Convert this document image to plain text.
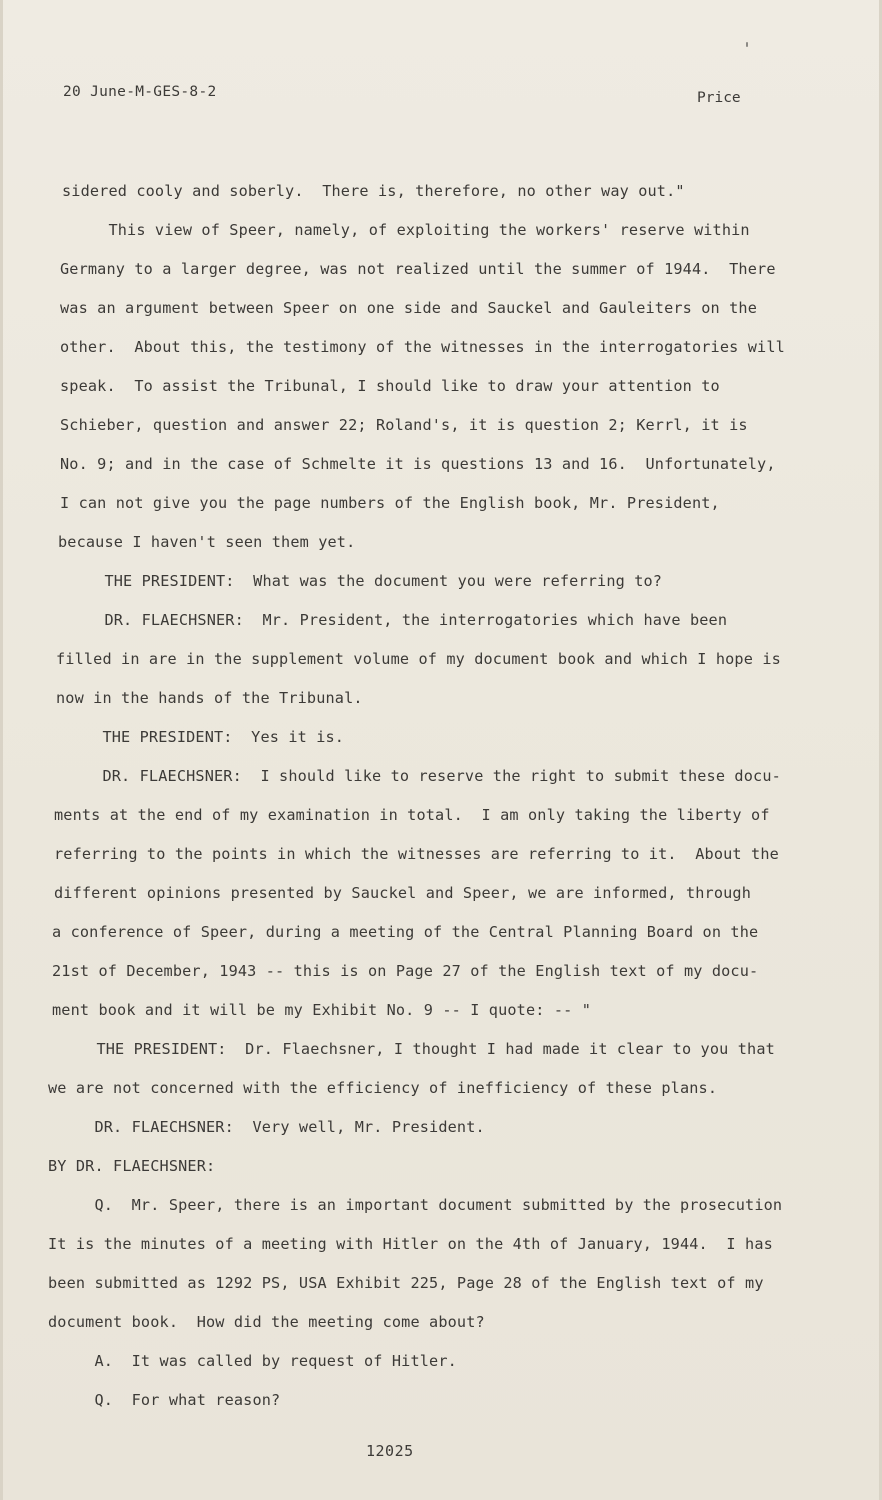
20 June-M-GES-8-2	Price
sidered cooly and soberly.  There is, therefore, no other way out."
This view of Speer, namely, of exploiting the workers' reserve within
Germany to a larger degree, was not realized until the summer of 1944.  There
was an argument between Speer on one side and Sauckel and Gauleiters on the
other.  About this, the testimony of the witnesses in the interrogatories will
speak.  To assist the Tribunal, I should like to draw your attention to
Schieber, question and answer 22; Roland's, it is question 2; Kerrl, it is
No. 9; and in the case of Schmelte it is questions 13 and 16.  Unfortunately,
I can not give you the page numbers of the English book, Mr. President,
because I haven't seen them yet.
THE PRESIDENT:  What was the document you were referring to?
DR. FLAECHSNER:  Mr. President, the interrogatories which have been
filled in are in the supplement volume of my document book and which I hope is
now in the hands of the Tribunal.
THE PRESIDENT:  Yes it is.
DR. FLAECHSNER:  I should like to reserve the right to submit these docu-
ments at the end of my examination in total.  I am only taking the liberty of
referring to the points in which the witnesses are referring to it.  About the
different opinions presented by Sauckel and Speer, we are informed, through
a conference of Speer, during a meeting of the Central Planning Board on the
21st of December, 1943 -- this is on Page 27 of the English text of my docu-
ment book and it will be my Exhibit No. 9 -- I quote: -- "
THE PRESIDENT:  Dr. Flaechsner, I thought I had made it clear to you that
we are not concerned with the efficiency of inefficiency of these plans.
DR. FLAECHSNER:  Very well, Mr. President.
BY DR. FLAECHSNER:
Q.  Mr. Speer, there is an important document submitted by the prosecution
It is the minutes of a meeting with Hitler on the 4th of January, 1944.  I has
been submitted as 1292 PS, USA Exhibit 225, Page 28 of the English text of my
document book.  How did the meeting come about?
A.  It was called by request of Hitler.
Q.  For what reason?
12025
